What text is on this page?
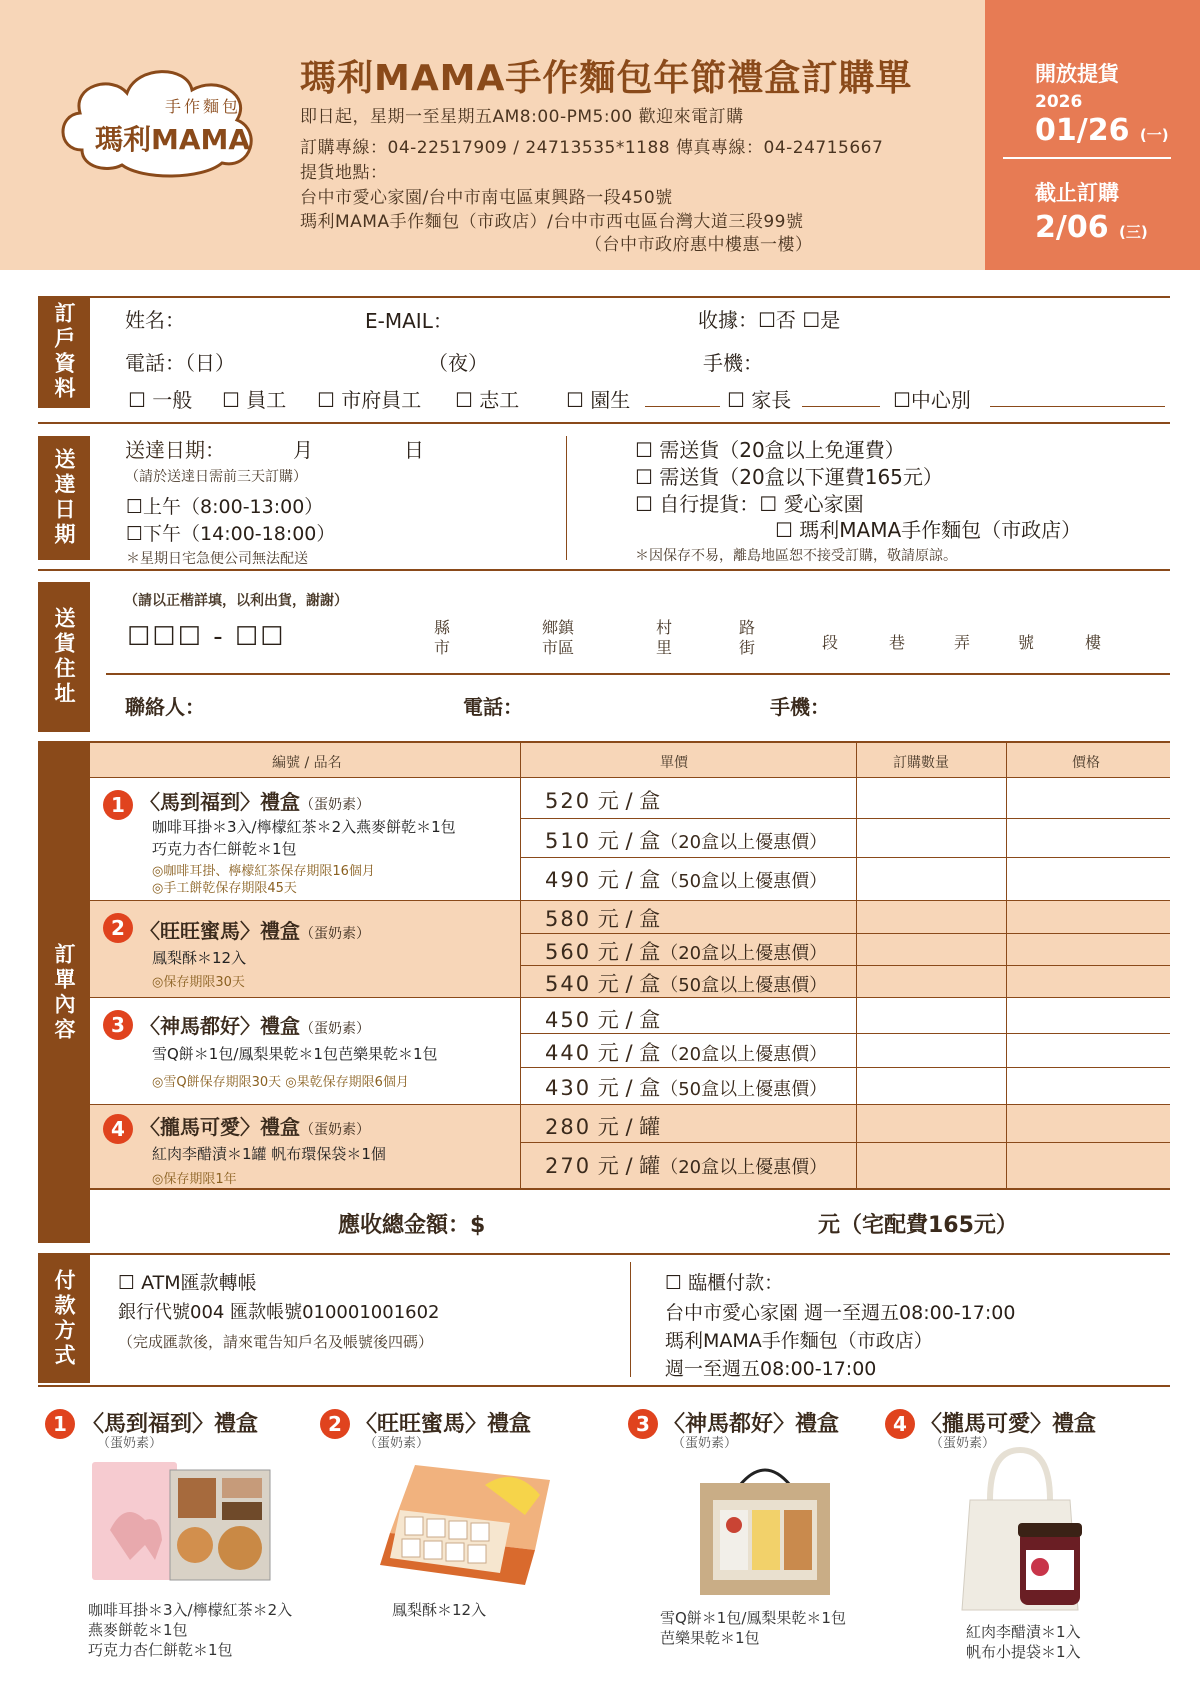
手作麵包
瑪利MAMA
瑪利MAMA手作麵包年節禮盒訂購單
即日起，星期一至星期五AM8:00-PM5:00 歡迎來電訂購
訂購專線：04-22517909 / 24713535*1188 傳真專線：04-24715667
提貨地點：
台中市愛心家園/台中市南屯區東興路一段450號
瑪利MAMA手作麵包（市政店）/台中市西屯區台灣大道三段99號
（台中市政府惠中樓惠一樓）
開放提貨
2026
01/26 (一)
截止訂購
2/06 (三)
訂戶資料 姓名：	E-MAIL：	收據：☐否 ☐是
電話：（日）	（夜）	手機：
☐ 一般 ☐ 員工 ☐ 市府員工 ☐ 志工 ☐ 園生	☐ 家長	☐中心別
送達日期 送達日期：	月	日
（請於送達日需前三天訂購）
☐上午（8:00-13:00）
☐下午（14:00-18:00）
＊星期日宅急便公司無法配送
☐ 需送貨（20盒以上免運費）
☐ 需送貨（20盒以下運費165元）
☐ 自行提貨：☐ 愛心家園
☐ 瑪利MAMA手作麵包（市政店）
＊因保存不易，離島地區恕不接受訂購，敬請原諒。
送貨住址
（請以正楷詳填，以利出貨，謝謝）
☐☐☐ - ☐☐	縣
市
鄉鎮
市區
村
里
路
街	段	巷	弄	號	樓
聯絡人：	電話：	手機：
訂單內容
編號 / 品名	單價	訂購數量	價格
1 〈馬到福到〉禮盒（蛋奶素）
咖啡耳掛＊3入/檸檬紅茶＊2入燕麥餅乾＊1包
巧克力杏仁餅乾＊1包
◎咖啡耳掛、檸檬紅茶保存期限16個月
◎手工餅乾保存期限45天
520 元 / 盒
510 元 / 盒（20盒以上優惠價）
490 元 / 盒（50盒以上優惠價）
2 〈旺旺蜜馬〉禮盒（蛋奶素）
鳳梨酥＊12入
◎保存期限30天
580 元 / 盒
560 元 / 盒（20盒以上優惠價）
540 元 / 盒（50盒以上優惠價）
3 〈神馬都好〉禮盒（蛋奶素）
雪Q餅＊1包/鳳梨果乾＊1包芭樂果乾＊1包
◎雪Q餅保存期限30天 ◎果乾保存期限6個月
450 元 / 盒
440 元 / 盒（20盒以上優惠價）
430 元 / 盒（50盒以上優惠價）
4 〈攏馬可愛〉禮盒（蛋奶素）
紅肉李醋漬＊1罐 帆布環保袋＊1個
◎保存期限1年
280 元 / 罐
270 元 / 罐（20盒以上優惠價）
應收總金額：$	元（宅配費165元）
付款方式 ☐ ATM匯款轉帳
銀行代號004 匯款帳號010001001602
（完成匯款後，請來電告知戶名及帳號後四碼）
☐ 臨櫃付款：
台中市愛心家園 週一至週五08:00-17:00
瑪利MAMA手作麵包（市政店）
週一至週五08:00-17:00
1 〈馬到福到〉禮盒
（蛋奶素）
咖啡耳掛＊3入/檸檬紅茶＊2入
燕麥餅乾＊1包
巧克力杏仁餅乾＊1包
2 〈旺旺蜜馬〉禮盒
（蛋奶素）
鳳梨酥＊12入
3 〈神馬都好〉禮盒
（蛋奶素）
雪Q餅＊1包/鳳梨果乾＊1包
芭樂果乾＊1包
4 〈攏馬可愛〉禮盒
（蛋奶素）
紅肉李醋漬＊1入
帆布小提袋＊1入
